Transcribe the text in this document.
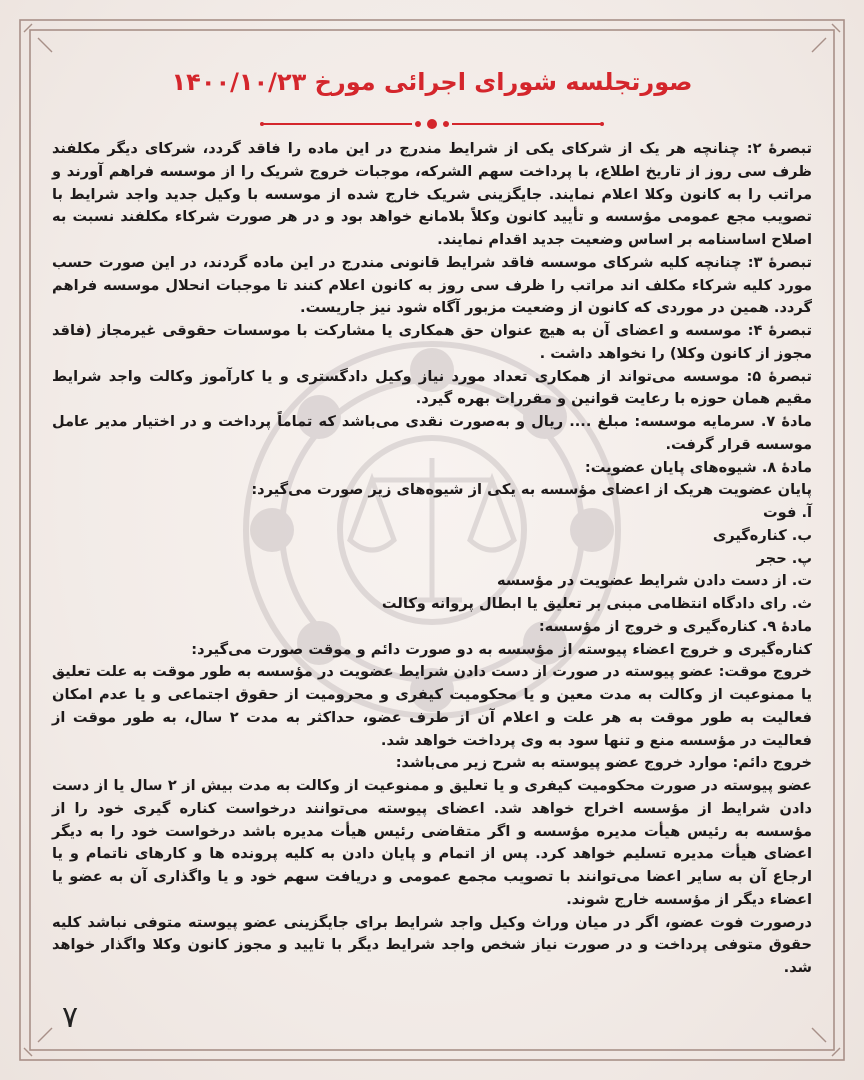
صورتجلسه شورای اجرائی مورخ ۱۴۰۰/۱۰/۲۳

تبصرهٔ ۲: چنانچه هر یک از شرکای یکی از شرایط مندرج در این ماده را فاقد گردد، شرکای دیگر مکلفند ظرف سی روز از تاریخ اطلاع، با پرداخت سهم الشرکه، موجبات خروج شریک را از موسسه فراهم آورند و مراتب را به کانون وکلا اعلام نمایند. جایگزینی شریک خارج شده از موسسه با وکیل جدید واجد شرایط با تصویب مجع عمومی مؤسسه و تأیید کانون وکلاً بلامانع خواهد بود و در هر صورت شرکاء مکلفند نسبت به اصلاح اساسنامه بر اساس وضعیت جدید اقدام نمایند.

تبصرهٔ ۳: چنانچه کلیه شرکای موسسه فاقد شرایط قانونی مندرج در این ماده گردند، در این صورت حسب مورد کلیه شرکاء مکلف اند مراتب را ظرف سی روز به کانون اعلام کنند تا موجبات انحلال موسسه فراهم گردد. همین در موردی که کانون از وضعیت مزبور آگاه شود نیز جاریست.

تبصرهٔ ۴: موسسه و اعضای آن به هیچ عنوان حق همکاری یا مشارکت با موسسات حقوقی غیرمجاز (فاقد مجوز از کانون وکلا) را نخواهد داشت .

تبصرهٔ ۵: موسسه می‌تواند از همکاری تعداد مورد نیاز وکیل دادگستری و یا کارآموز وکالت واجد شرایط مقیم همان حوزه با رعایت قوانین و مقررات بهره گیرد.

مادهٔ ۷. سرمایه موسسه: مبلغ .... ریال و به‌صورت نقدی می‌باشد که تماماً پرداخت و در اختیار مدیر عامل موسسه قرار گرفت.

مادهٔ ۸. شیوه‌های پایان عضویت:

پایان عضویت هریک از اعضای مؤسسه به یکی از شیوه‌های زیر صورت می‌گیرد:

آ. فوت

ب. کناره‌گیری

پ. حجر

ت. از دست دادن شرایط عضویت در مؤسسه

ث. رای دادگاه انتظامی مبنی بر تعلیق یا ابطال پروانه وکالت

مادهٔ ۹. کناره‌گیری و خروج از مؤسسه:

کناره‌گیری و خروج اعضاء پیوسته از مؤسسه به دو صورت دائم و موقت صورت می‌گیرد:

خروج موقت: عضو پیوسته در صورت از دست دادن شرایط عضویت در مؤسسه به طور موقت به علت تعلیق یا ممنوعیت از وکالت به مدت معین و یا محکومیت کیفری و محرومیت از حقوق اجتماعی و یا عدم امکان فعالیت به طور موقت به هر علت و اعلام آن از طرف عضو، حداکثر به مدت ۲ سال، به طور موقت از فعالیت در مؤسسه منع و تنها سود به وی پرداخت خواهد شد.

خروج دائم: موارد خروج عضو پیوسته به شرح زیر می‌باشد:

عضو پیوسته در صورت محکومیت کیفری و یا تعلیق و ممنوعیت از وکالت به مدت بیش از ۲ سال یا از دست دادن شرایط از مؤسسه اخراج خواهد شد. اعضای پیوسته می‌توانند درخواست کناره گیری خود را از مؤسسه به رئیس هیأت مدیره مؤسسه و اگر متقاضی رئیس هیأت مدیره باشد درخواست خود را به دیگر اعضای هیأت مدیره تسلیم خواهد کرد. پس از اتمام و پایان دادن به کلیه پرونده ها و کارهای ناتمام و یا ارجاع آن به سایر اعضا می‌توانند با تصویب مجمع عمومی و دریافت سهم خود و یا واگذاری آن به عضو یا اعضاء دیگر از مؤسسه خارج شوند.

درصورت فوت عضو، اگر در میان وراث وکیل واجد شرایط برای جایگزینی عضو پیوسته متوفی نباشد کلیه حقوق متوفی پرداخت و در صورت نیاز شخص واجد شرایط دیگر با تایید و مجوز کانون وکلا واگذار خواهد شد.

۷
